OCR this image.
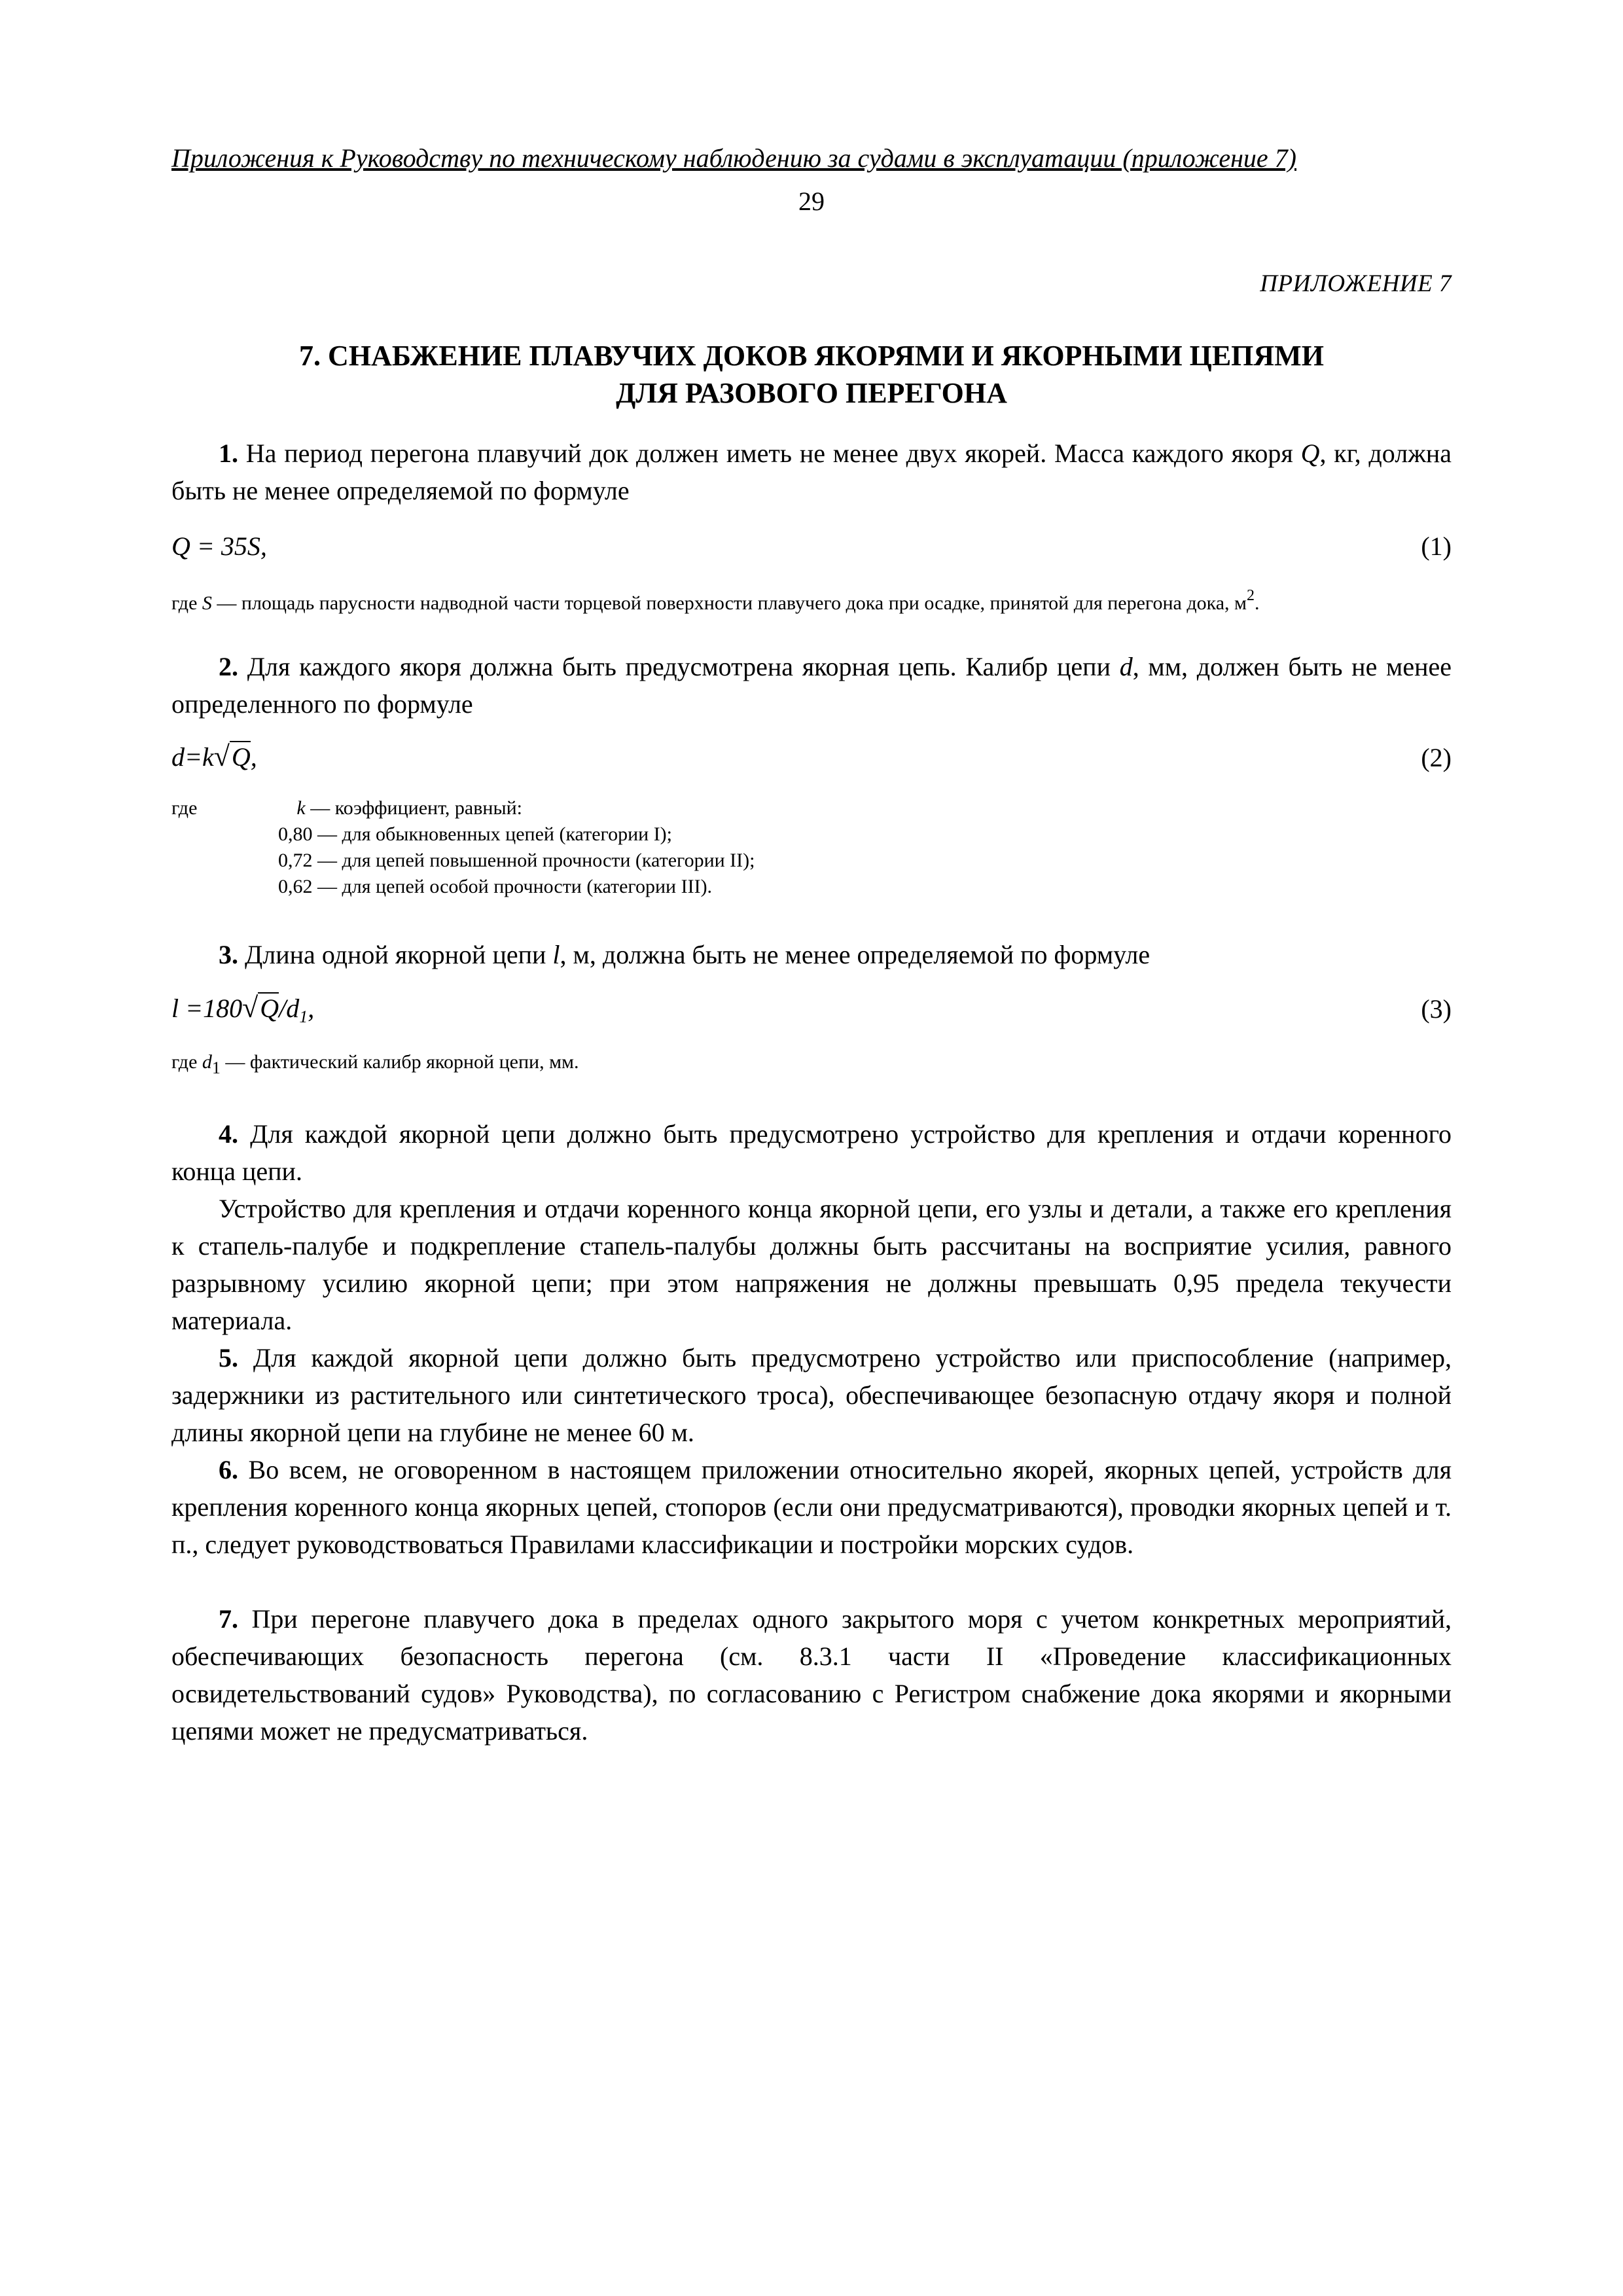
Приложения к Руководству по техническому наблюдению за судами в эксплуатации (приложение 7)
29
ПРИЛОЖЕНИЕ 7
7. СНАБЖЕНИЕ ПЛАВУЧИХ ДОКОВ ЯКОРЯМИ И ЯКОРНЫМИ ЦЕПЯМИ
ДЛЯ РАЗОВОГО ПЕРЕГОНА

1. На период перегона плавучий док должен иметь не менее двух якорей. Масса каждого якоря Q, кг, должна быть не менее определяемой по формуле

Q = 35S,	(1)
где S — площадь парусности надводной части торцевой поверхности плавучего дока при осадке, принятой для перегона дока, $м^2$.

2. Для каждого якоря должна быть предусмотрена якорная цепь. Калибр цепи d, мм, должен быть не менее определенного по формуле

d=k√Q,	(2)
где	k — коэффициент, равный:
0,80 — для обыкновенных цепей (категории I);
0,72 — для цепей повышенной прочности (категории II);
0,62 — для цепей особой прочности (категории III).

3. Длина одной якорной цепи l, м, должна быть не менее определяемой по формуле

$l =180√Q/d_1$,	(3)
где $d_1$ — фактический калибр якорной цепи, мм.

4. Для каждой якорной цепи должно быть предусмотрено устройство для крепления и отдачи коренного конца цепи.

Устройство для крепления и отдачи коренного конца якорной цепи, его узлы и детали, а также его крепления к стапель-палубе и подкрепление стапель-палубы должны быть рассчитаны на восприятие усилия, равного разрывному усилию якорной цепи; при этом напряжения не должны превышать 0,95 предела текучести материала.

5. Для каждой якорной цепи должно быть предусмотрено устройство или приспособление (например, задержники из растительного или синтетического троса), обеспечивающее безопасную отдачу якоря и полной длины якорной цепи на глубине не менее 60 м.

6. Во всем, не оговоренном в настоящем приложении относительно якорей, якорных цепей, устройств для крепления коренного конца якорных цепей, стопоров (если они предусматриваются), проводки якорных цепей и т. п., следует руководствоваться Правилами классификации и постройки морских судов.

7. При перегоне плавучего дока в пределах одного закрытого моря с учетом конкретных мероприятий, обеспечивающих безопасность перегона (см. 8.3.1 части II «Проведение классификационных освидетельствований судов» Руководства), по согласованию с Регистром снабжение дока якорями и якорными цепями может не предусматриваться.
